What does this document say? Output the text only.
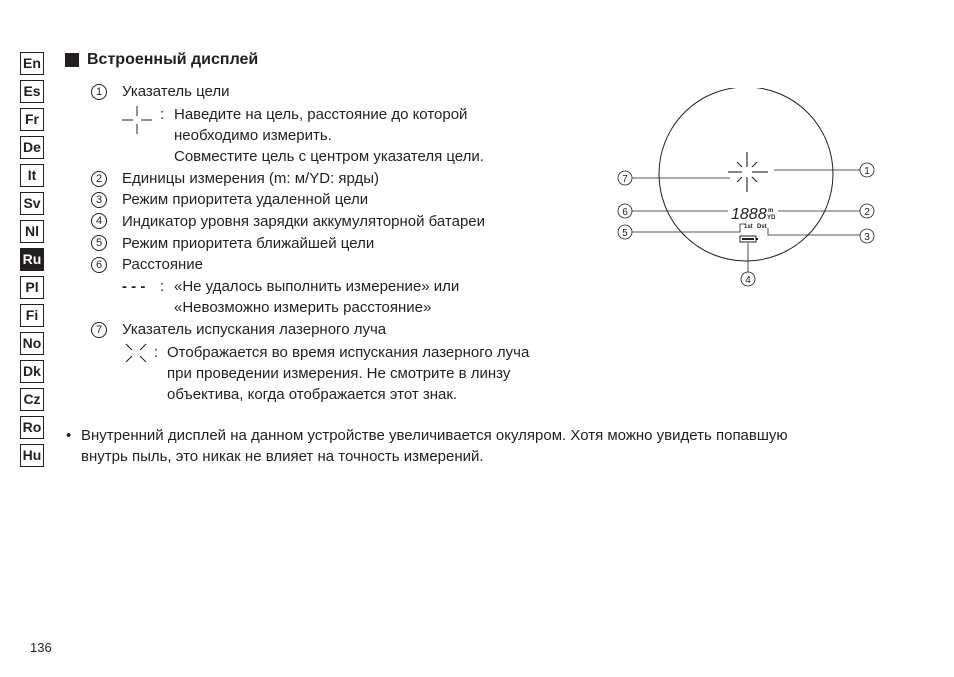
En
Es
Fr
De
It
Sv
Nl
Ru
Pl
Fi
No
Dk
Cz
Ro
Hu
Встроенный дисплей
1	Указатель цели
: Наведите на цель, расстояние до которой
необходимо измерить.
Совместите цель с центром указателя цели.
2	Единицы измерения (m: м/YD: ярды)
3	Режим приоритета удаленной цели
4	Индикатор уровня зарядки аккумуляторной батареи
5	Режим приоритета ближайшей цели
6	Расстояние
- - - : «Не удалось выполнить измерение» или
«Невозможно измерить расстояние»
7	Указатель испускания лазерного луча
: Отображается во время испускания лазерного луча
при проведении измерения. Не смотрите в линзу
объектива, когда отображается этот знак.
• Внутренний дисплей на данном устройстве увеличивается окуляром. Хотя можно увидеть попавшую
внутрь пыль, это никак не влияет на точность измерений.
1888 m
YD
1st Dst
1
2
3
4
5
6
7
136
